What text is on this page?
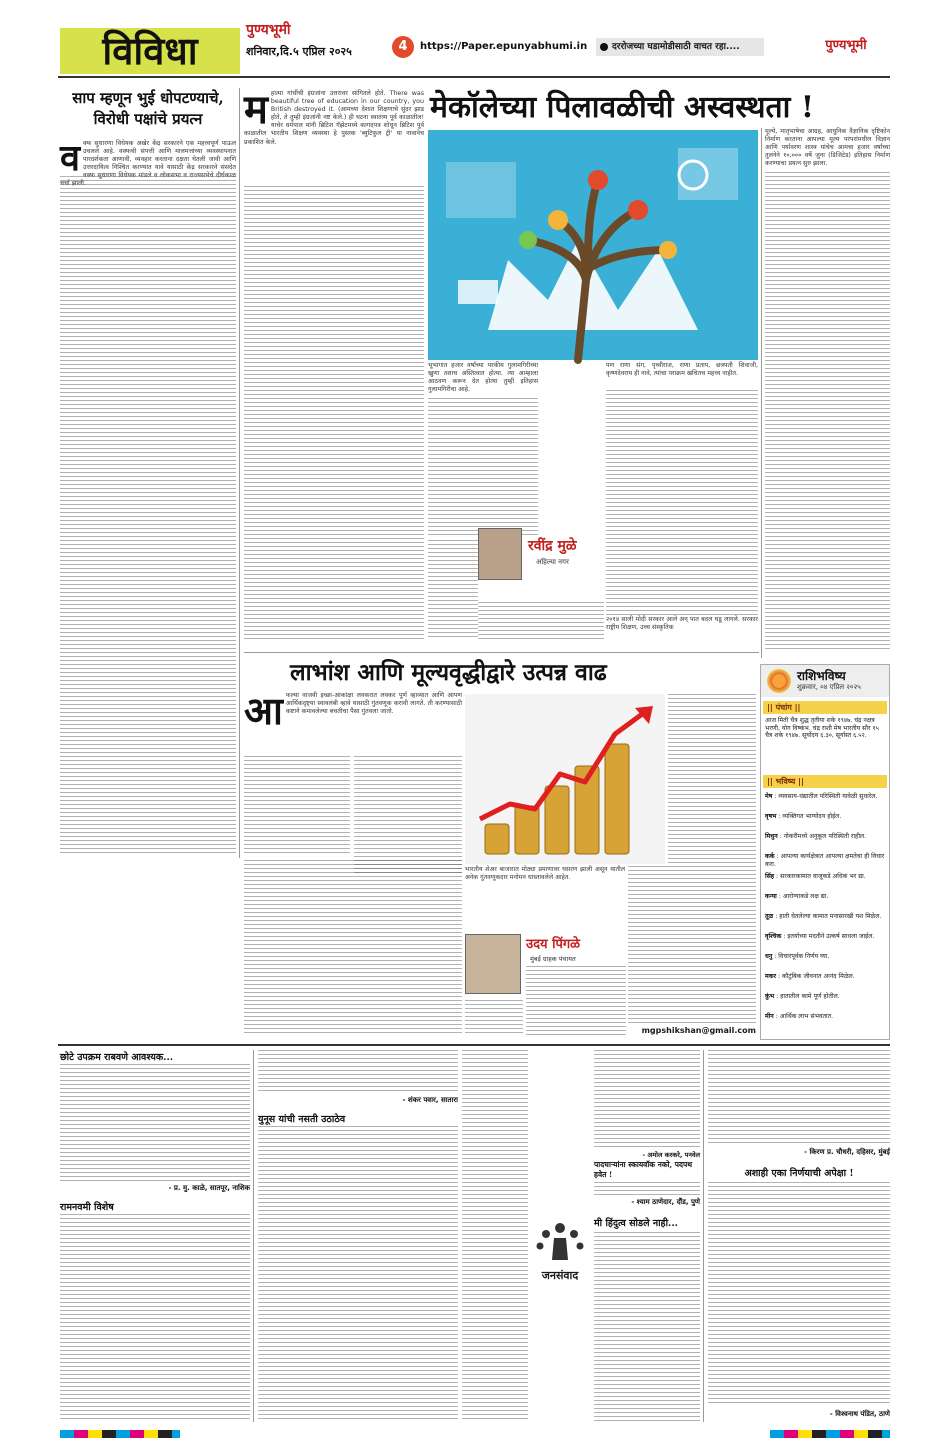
विविधा	पुण्यभूमी
शनिवार,दि.५ एप्रिल २०२५	4	https://Paper.epunyabhumi.in	दररोजच्या घडामोडीसाठी वाचत रहा....	पुण्यभूमी
साप म्हणून भुई धोपटण्याचे, विरोधी पक्षांचे प्रयत्न
व क्फ सुधारणा विधेयक अखेर केंद्र सरकारने एक महत्त्वपूर्ण पाऊल उचलले आहे. वक्फची संपत्ती आणि मालमत्तांच्या व्यवस्थापनात पारदर्शकता आणावी, व्यवहार करताना दक्षता घेतली जावी आणि उत्तरदायित्व निश्चित करण्यात यावे यासाठी केंद्र सरकारने संसदेत वक्फ सुधारणा विधेयक मांडले व लोकसभा व राज्यसभेचे दीर्घकाळ चर्चा झाली.
मेकॉलेच्या पिलावळीची अस्वस्थता !
म हात्मा गांधींची इंग्रजांना उत्तरावर सांगितले होते. There was beautiful tree of education in our country, you British destroyed it. (आमच्या देशात शिक्षणाचे सुंदर झाड होते, ते तुम्ही इंग्रजांनी नष्ट केले.) ही घटना स्वातंत्र्य पूर्व काळातील! याचेर धर्मपाल यांनी ब्रिटिश गॅझेटमध्ये कागदपत्र शोधून ब्रिटिश पूर्व काळातील भारतीय शिक्षण व्यवस्था हे पुस्तक 'ब्युटिफुल ट्री' या नावानेच प्रकाशित केले.
भूभागात हजार वर्षांच्या परकीय गुलामगिरीच्या खुणा तशाच अस्तित्वात होत्या. त्या आम्हाला आठवण करून देत होत्या तुम्ही इतिहास गुलामगिरीचा आहे.
रवींद्र मुळे
अहिल्या नगर
पण राणा संग, पृथ्वीराज, राणा प्रताप, छत्रपती शिवाजी, कृष्णदेवराय ही नावे, त्यांचा पराक्रम खचितच महत्त्व नाहीत.
२०१४ साली मोदी सरकार आले अन् पात बदल घडू लागले. सरकार राष्ट्रीय शिक्षण, उच्च संस्कृतिक
मूल्ये, मातृभाषेचा आग्रह, आधुनिक वैज्ञानिक दृष्टिकोन निर्माण करताना आपल्या मूल्य परंपरांमधील विज्ञान आणि पर्यावरण शास्त्र यांचेच आमचा हजार वर्षांच्या तुलनेने १०,००० वर्षे जुना (डिजिटेड) इतिहास निर्माण करण्याचा प्रयत्न सुरु झाला.
लाभांश आणि मूल्यवृद्धीद्वारे उत्पन्न वाढ
आ फल्या वाजवी इच्छा-आकांक्षा लवकरात लवकर पूर्ण व्हाव्यात आणि आपण आर्थिकदृष्ट्या स्वावलंबी व्हावे यासाठी गुंतवणूक करावी लागते. ती करण्यासाठी कष्टाने कमावलेल्या बचतीचा पैसा गुंतवला जातो.
भारतीय शेअर बाजारात मोठ्या प्रमाणावर घसरण झाली असून यातील अनेक गुंतवणूकदार मनोमन धास्तावलेले आहेत.
उदय पिंगळे
मुंबई ग्राहक पंचायत
mgpshikshan@gmail.com
राशिभविष्य
शुक्रवार, ०४ एप्रिल २०२५
|| पंचांग ||
आज मिती चैत्र शुद्ध तृतीया शके १९४७. चंद्र नक्षत्र भरणी, योग विष्कंभ. चंद्र राशी मेष भारतीय सौर १५ चैत्र शके १९४७. सूर्योदय ६.३०, सूर्यास्त ६.५२.
|| भविष्य ||
मेष : व्यवसाय-धंद्यातील परिस्थिती यावेळी सुधारेल.
वृषभ : व्यक्तिगत भाग्योदय होईल.
मिथुन : नोकरीमध्ये अनुकूल परिस्थिती राहील.
कर्क : आपल्या कार्यक्षेत्रात आपल्या क्षमतेचा ही विचार करा.
सिंह : सरकारकामात वाजूकडे अधिक भर द्या.
कन्या : आरोग्याकडे लक्ष द्या.
तूळ : हाती घेतलेल्या कामात मनासारखी यश मिळेल.
वृश्चिक : इतर्याच्या मदतीने उत्कर्ष साधला जाईल.
धनु : विचारपूर्वक निर्णय घ्या.
मकर : कौटुंबिक जीवनात आनंद मिळेल.
कुंभ : हातातील कामे पूर्ण होतील.
मीन : आर्थिक लाभ संभवतात.
छोटे उपक्रम राबवणे आवश्यक...
- प्र. मु. काळे, सातपूर, नाशिक
रामनवमी विशेष
- शंकर पवार, सातारा
युनूस यांची नसती उठाठेव
जनसंवाद
- श्याम ठाणेदार, दौंड, पुणे
मी हिंदुत्व सोडले नाही...
- किरण प्र. चौधरी, दहिसर, मुंबई
अशाही एका निर्णयाची अपेक्षा !
- विश्वनाथ पंडित, ठाणे
- अमोल करकरे, पनवेल
पादचाऱ्यांना स्कायवॉक नको, पदपथ हवेत !
